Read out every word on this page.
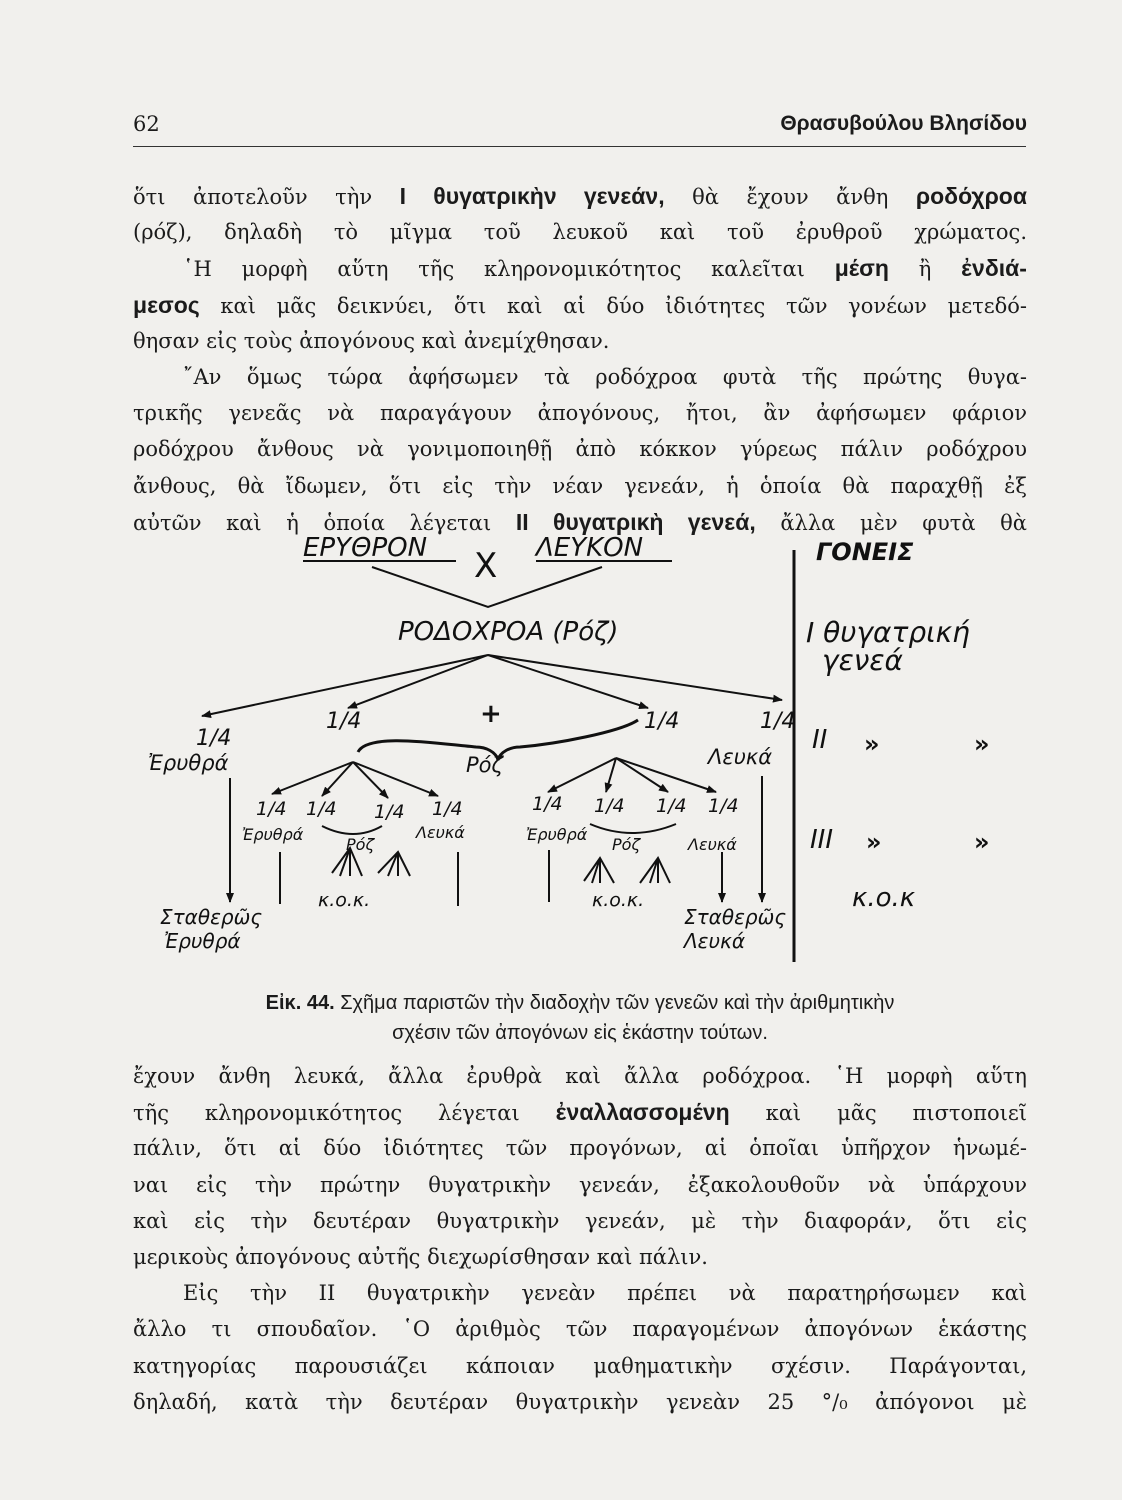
62	Θρασυβούλου Βλησίδου
ὅτι ἀποτελοῦν τὴν I θυγατρικὴν γενεάν, θὰ ἔχουν ἄνθη ροδόχροα
(ρόζ), δηλαδὴ τὸ μῖγμα τοῦ λευκοῦ καὶ τοῦ ἐρυθροῦ χρώματος.
῾Η μορφὴ αὕτη τῆς κληρονομικότητος καλεῖται μέση ἢ ἐνδιά-
μεσος καὶ μᾶς δεικνύει, ὅτι καὶ αἱ δύο ἰδιότητες τῶν γονέων μετεδό-
θησαν εἰς τοὺς ἀπογόνους καὶ ἀνεμίχθησαν.
῎Αν ὅμως τώρα ἀφήσωμεν τὰ ροδόχροα φυτὰ τῆς πρώτης θυγα-
τρικῆς γενεᾶς νὰ παραγάγουν ἀπογόνους, ἤτοι, ἂν ἀφήσωμεν φάριον
ροδόχρου ἄνθους νὰ γονιμοποιηθῇ ἀπὸ κόκκον γύρεως πάλιν ροδόχρου
ἄνθους, θὰ ἴδωμεν, ὅτι εἰς τὴν νέαν γενεάν, ἡ ὁποία θὰ παραχθῇ ἐξ
αὐτῶν καὶ ἡ ὁποία λέγεται II θυγατρικὴ γενεά, ἄλλα μὲν φυτὰ θὰ
ΕΡΥΘΡΟΝ X ΛΕΥΚΟΝ
ΡΟΔΟΧΡΟΑ (Ρόζ)
+
1/4
1/4	1/4	1/4
Ἐρυθρά	Ρόζ	Λευκά
1/4 1/4 1/4 1/4	1/4 1/4 1/4 1/4
Ἐρυθρά
Ρόζ
Λευκά	Ἐρυθρά
Ρόζ	Λευκά
κ.ο.κ.	κ.ο.κ.
Σταθερῶς
Ἐρυθρά
Σταθερῶς
Λευκά
ΓΟΝΕΙΣ
I θυγατρική
γενεά
II »	»
III »	»
κ.ο.κ
Εἰκ. 44. Σχῆμα παριστῶν τὴν διαδοχὴν τῶν γενεῶν καὶ τὴν ἀριθμητικὴν
σχέσιν τῶν ἀπογόνων εἰς ἑκάστην τούτων.
ἔχουν ἄνθη λευκά, ἄλλα ἐρυθρὰ καὶ ἄλλα ροδόχροα. ῾Η μορφὴ αὕτη
τῆς κληρονομικότητος λέγεται ἐναλλασσομένη καὶ μᾶς πιστοποιεῖ
πάλιν, ὅτι αἱ δύο ἰδιότητες τῶν προγόνων, αἱ ὁποῖαι ὑπῆρχον ἡνωμέ-
ναι εἰς τὴν πρώτην θυγατρικὴν γενεάν, ἐξακολουθοῦν νὰ ὑπάρχουν
καὶ εἰς τὴν δευτέραν θυγατρικὴν γενεάν, μὲ τὴν διαφοράν, ὅτι εἰς
μερικοὺς ἀπογόνους αὐτῆς διεχωρίσθησαν καὶ πάλιν.
Εἰς τὴν II θυγατρικὴν γενεὰν πρέπει νὰ παρατηρήσωμεν καὶ
ἄλλο τι σπουδαῖον. ῾Ο ἀριθμὸς τῶν παραγομένων ἀπογόνων ἑκάστης
κατηγορίας παρουσιάζει κάποιαν μαθηματικὴν σχέσιν. Παράγονται,
δηλαδή, κατὰ τὴν δευτέραν θυγατρικὴν γενεὰν 25 °/₀ ἀπόγονοι μὲ
